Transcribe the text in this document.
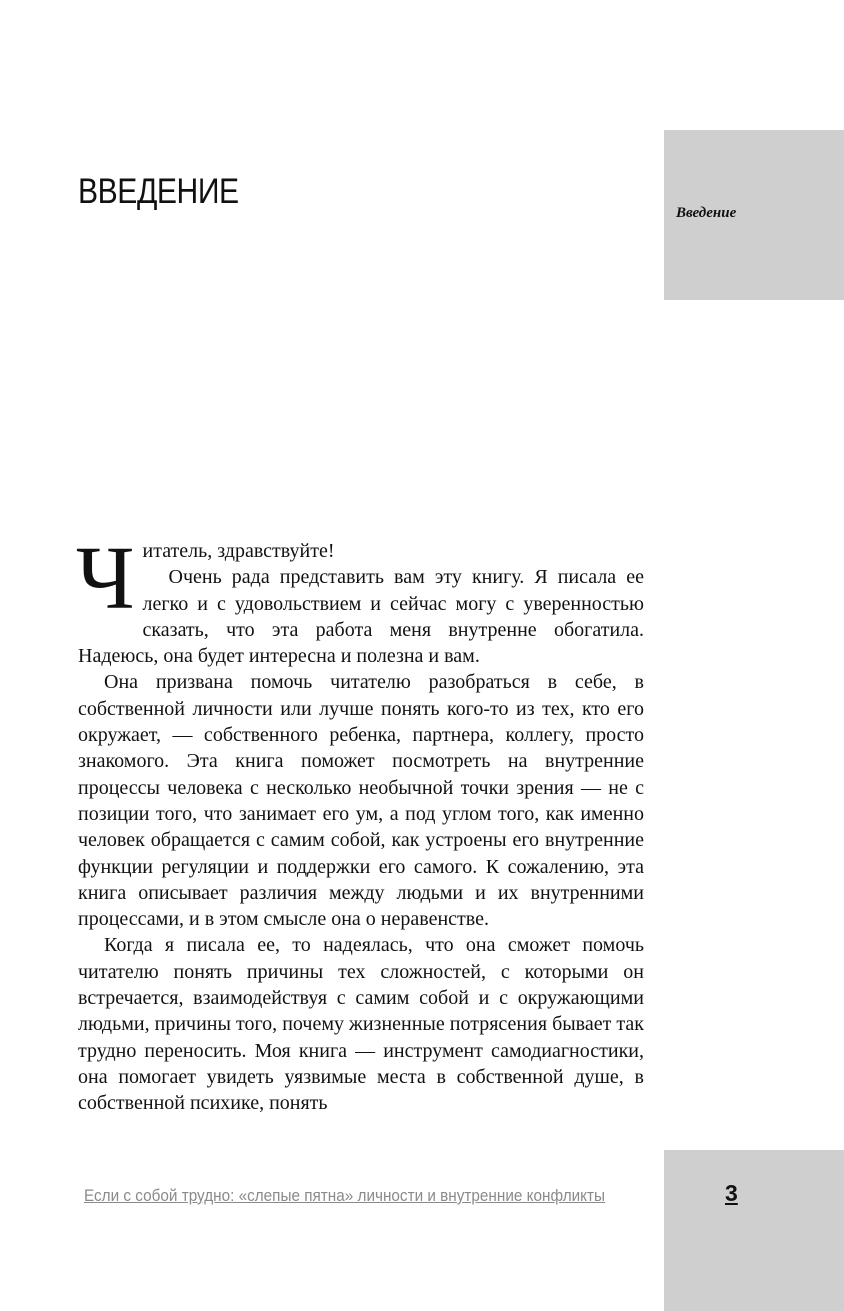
Введение
ВВЕДЕНИЕ

Ч итатель, здравствуйте!
Очень рада представить вам эту книгу. Я писала ее легко и с удовольствием и сейчас могу с уверенностью сказать, что эта работа меня внутренне обогатила. Надеюсь, она будет интересна и полезна и вам.

Она призвана помочь читателю разобраться в себе, в собственной личности или лучше понять кого-то из тех, кто его окружает, — собственного ребенка, партнера, коллегу, просто знакомого. Эта книга поможет посмотреть на внутренние процессы человека с несколько необычной точки зрения — не с позиции того, что занимает его ум, а под углом того, как именно человек обращается с самим собой, как устроены его внутренние функции регуляции и поддержки его самого. К сожалению, эта книга описывает различия между людьми и их внутренними процессами, и в этом смысле она о неравенстве.

Когда я писала ее, то надеялась, что она сможет помочь читателю понять причины тех сложностей, с которыми он встречается, взаимодействуя с самим собой и с окружающими людьми, причины того, почему жизненные потрясения бывает так трудно переносить. Моя книга — инструмент самодиагностики, она помогает увидеть уязвимые места в собственной душе, в собственной психике, понять

Если с собой трудно: «слепые пятна» личности и внутренние конфликты	3
